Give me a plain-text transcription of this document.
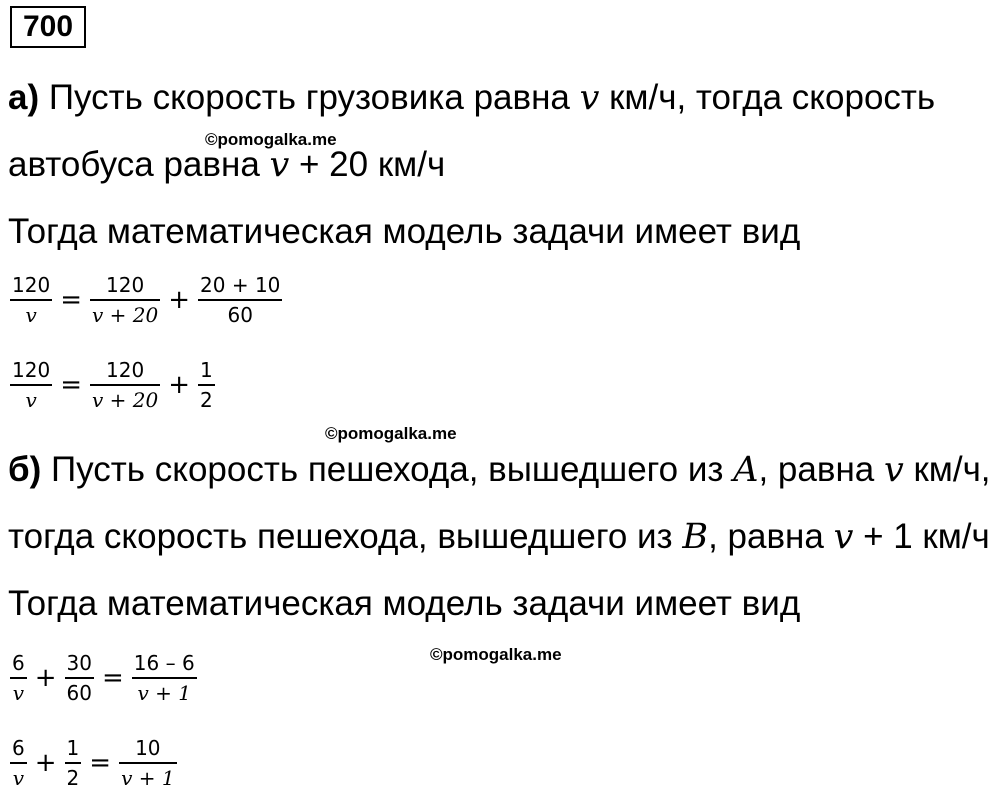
700
а) Пусть скорость грузовика равна v км/ч, тогда скорость
©pomogalka.me
автобуса равна v + 20 км/ч
Тогда математическая модель задачи имеет вид
$\frac{120}{v} = \frac{120}{v + 20} + \frac{20 + 10}{60}$
$\frac{120}{v} = \frac{120}{v + 20} + \frac{1}{2}$
©pomogalka.me
б) Пусть скорость пешехода, вышедшего из A, равна v км/ч,
тогда скорость пешехода, вышедшего из B, равна v + 1 км/ч
Тогда математическая модель задачи имеет вид
©pomogalka.me
$\frac{6}{v} + \frac{30}{60} = \frac{16 - 6}{v + 1}$
$\frac{6}{v} + \frac{1}{2} = \frac{10}{v + 1}$
